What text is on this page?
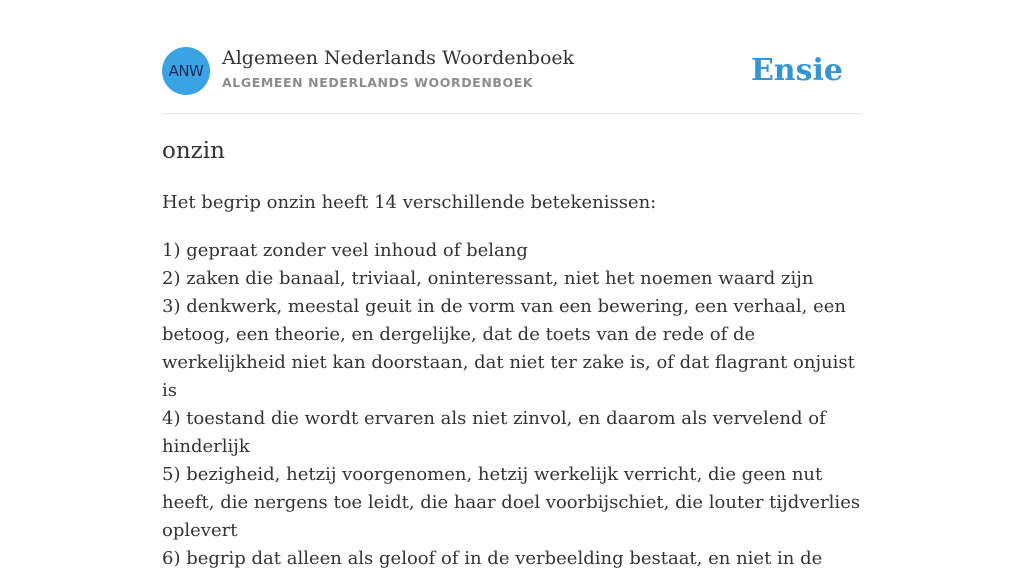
ANW
Algemeen Nederlands Woordenboek
ALGEMEEN NEDERLANDS WOORDENBOEK	Ensie
onzin
Het begrip onzin heeft 14 verschillende betekenissen:
1) gepraat zonder veel inhoud of belang
2) zaken die banaal, triviaal, oninteressant, niet het noemen waard zijn
3) denkwerk, meestal geuit in de vorm van een bewering, een verhaal, een betoog, een theorie, en dergelijke, dat de toets van de rede of de werkelijkheid niet kan doorstaan, dat niet ter zake is, of dat flagrant onjuist is
4) toestand die wordt ervaren als niet zinvol, en daarom als vervelend of hinderlijk
5) bezigheid, hetzij voorgenomen, hetzij werkelijk verricht, die geen nut heeft, die nergens toe leidt, die haar doel voorbijschiet, die louter tijdverlies oplevert
6) begrip dat alleen als geloof of in de verbeelding bestaat, en niet in de
